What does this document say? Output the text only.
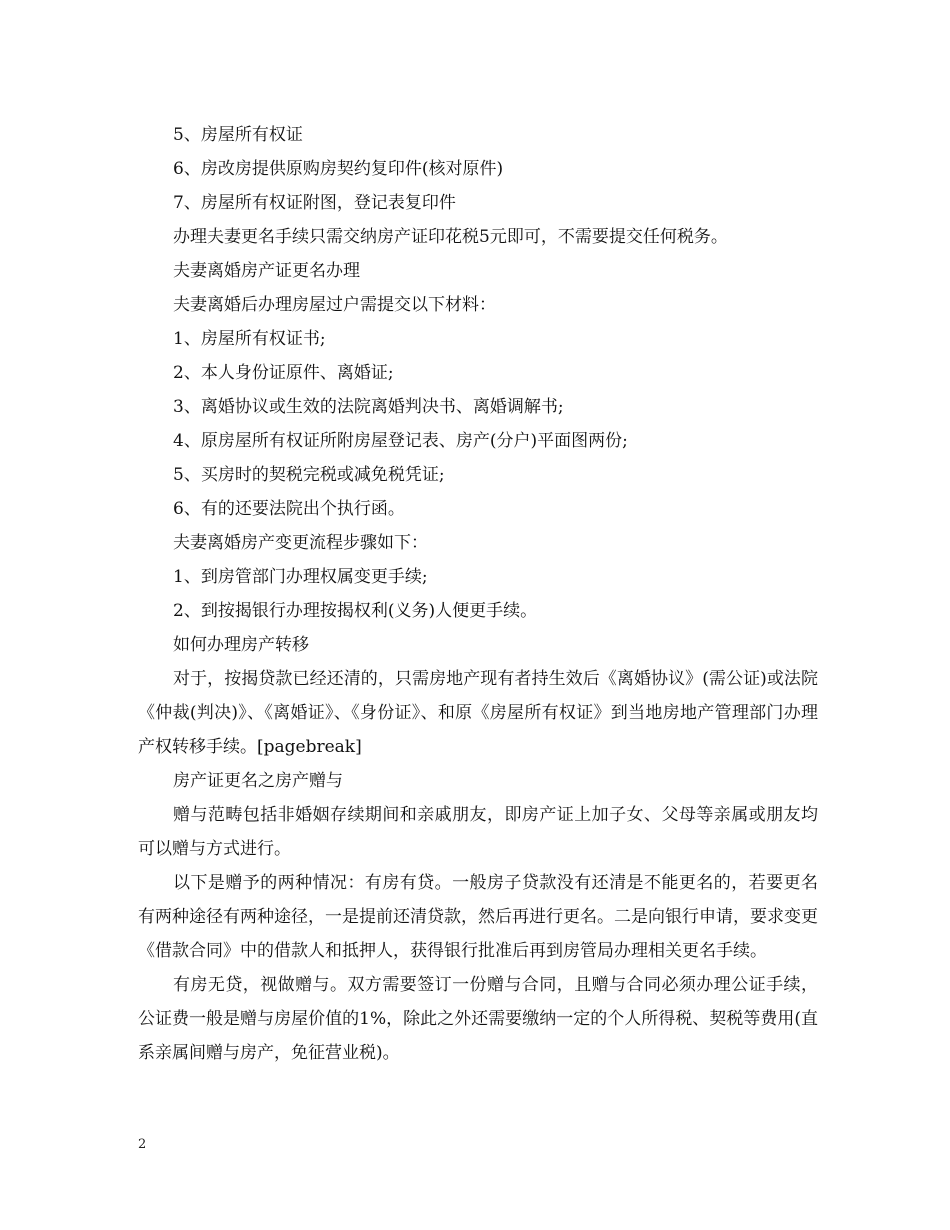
5、房屋所有权证
6、房改房提供原购房契约复印件(核对原件)
7、房屋所有权证附图，登记表复印件
办理夫妻更名手续只需交纳房产证印花税5元即可，不需要提交任何税务。
夫妻离婚房产证更名办理
夫妻离婚后办理房屋过户需提交以下材料：
1、房屋所有权证书;
2、本人身份证原件、离婚证;
3、离婚协议或生效的法院离婚判决书、离婚调解书;
4、原房屋所有权证所附房屋登记表、房产(分户)平面图两份;
5、买房时的契税完税或减免税凭证;
6、有的还要法院出个执行函。
夫妻离婚房产变更流程步骤如下：
1、到房管部门办理权属变更手续;
2、到按揭银行办理按揭权利(义务)人便更手续。
如何办理房产转移

对于，按揭贷款已经还清的，只需房地产现有者持生效后《离婚协议》(需公证)或法院《仲裁(判决)》、《离婚证》、《身份证》、和原《房屋所有权证》到当地房地产管理部门办理产权转移手续。[pagebreak]

房产证更名之房产赠与

赠与范畴包括非婚姻存续期间和亲戚朋友，即房产证上加子女、父母等亲属或朋友均可以赠与方式进行。

以下是赠予的两种情况：有房有贷。一般房子贷款没有还清是不能更名的，若要更名有两种途径有两种途径，一是提前还清贷款，然后再进行更名。二是向银行申请，要求变更《借款合同》中的借款人和抵押人，获得银行批准后再到房管局办理相关更名手续。

有房无贷，视做赠与。双方需要签订一份赠与合同，且赠与合同必须办理公证手续，公证费一般是赠与房屋价值的1%，除此之外还需要缴纳一定的个人所得税、契税等费用(直系亲属间赠与房产，免征营业税)。

2
